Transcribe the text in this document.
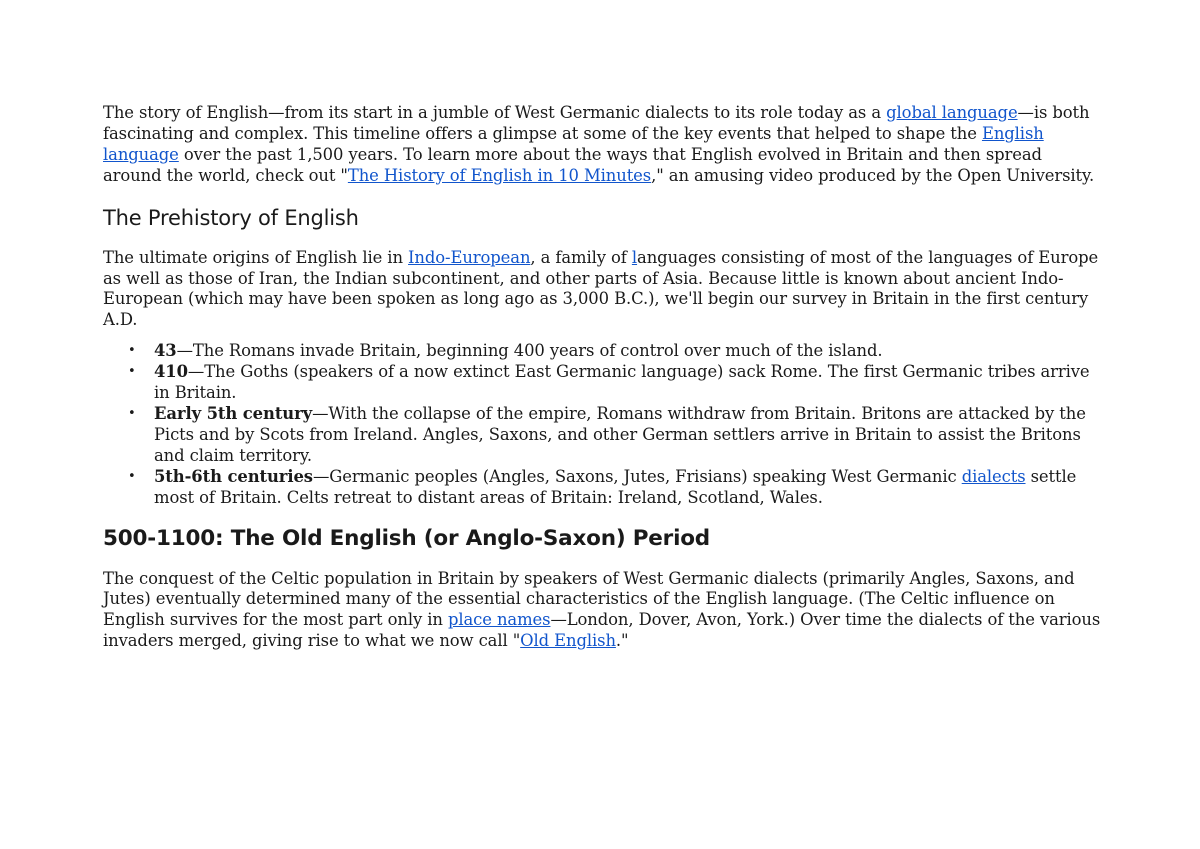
The story of English—from its start in a jumble of West Germanic dialects to its role today as a global language—is both fascinating and complex. This timeline offers a glimpse at some of the key events that helped to shape the English language over the past 1,500 years. To learn more about the ways that English evolved in Britain and then spread around the world, check out "The History of English in 10 Minutes," an amusing video produced by the Open University.

The Prehistory of English

The ultimate origins of English lie in Indo-European, a family of languages consisting of most of the languages of Europe as well as those of Iran, the Indian subcontinent, and other parts of Asia. Because little is known about ancient Indo-European (which may have been spoken as long ago as 3,000 B.C.), we'll begin our survey in Britain in the first century A.D.

• 43—The Romans invade Britain, beginning 400 years of control over much of the island.
• 410—The Goths (speakers of a now extinct East Germanic language) sack Rome. The first Germanic tribes arrive in Britain.
• Early 5th century—With the collapse of the empire, Romans withdraw from Britain. Britons are attacked by the Picts and by Scots from Ireland. Angles, Saxons, and other German settlers arrive in Britain to assist the Britons and claim territory.
• 5th-6th centuries—Germanic peoples (Angles, Saxons, Jutes, Frisians) speaking West Germanic dialects settle most of Britain. Celts retreat to distant areas of Britain: Ireland, Scotland, Wales.
500-1100: The Old English (or Anglo-Saxon) Period

The conquest of the Celtic population in Britain by speakers of West Germanic dialects (primarily Angles, Saxons, and Jutes) eventually determined many of the essential characteristics of the English language. (The Celtic influence on English survives for the most part only in place names—London, Dover, Avon, York.) Over time the dialects of the various invaders merged, giving rise to what we now call "Old English."
